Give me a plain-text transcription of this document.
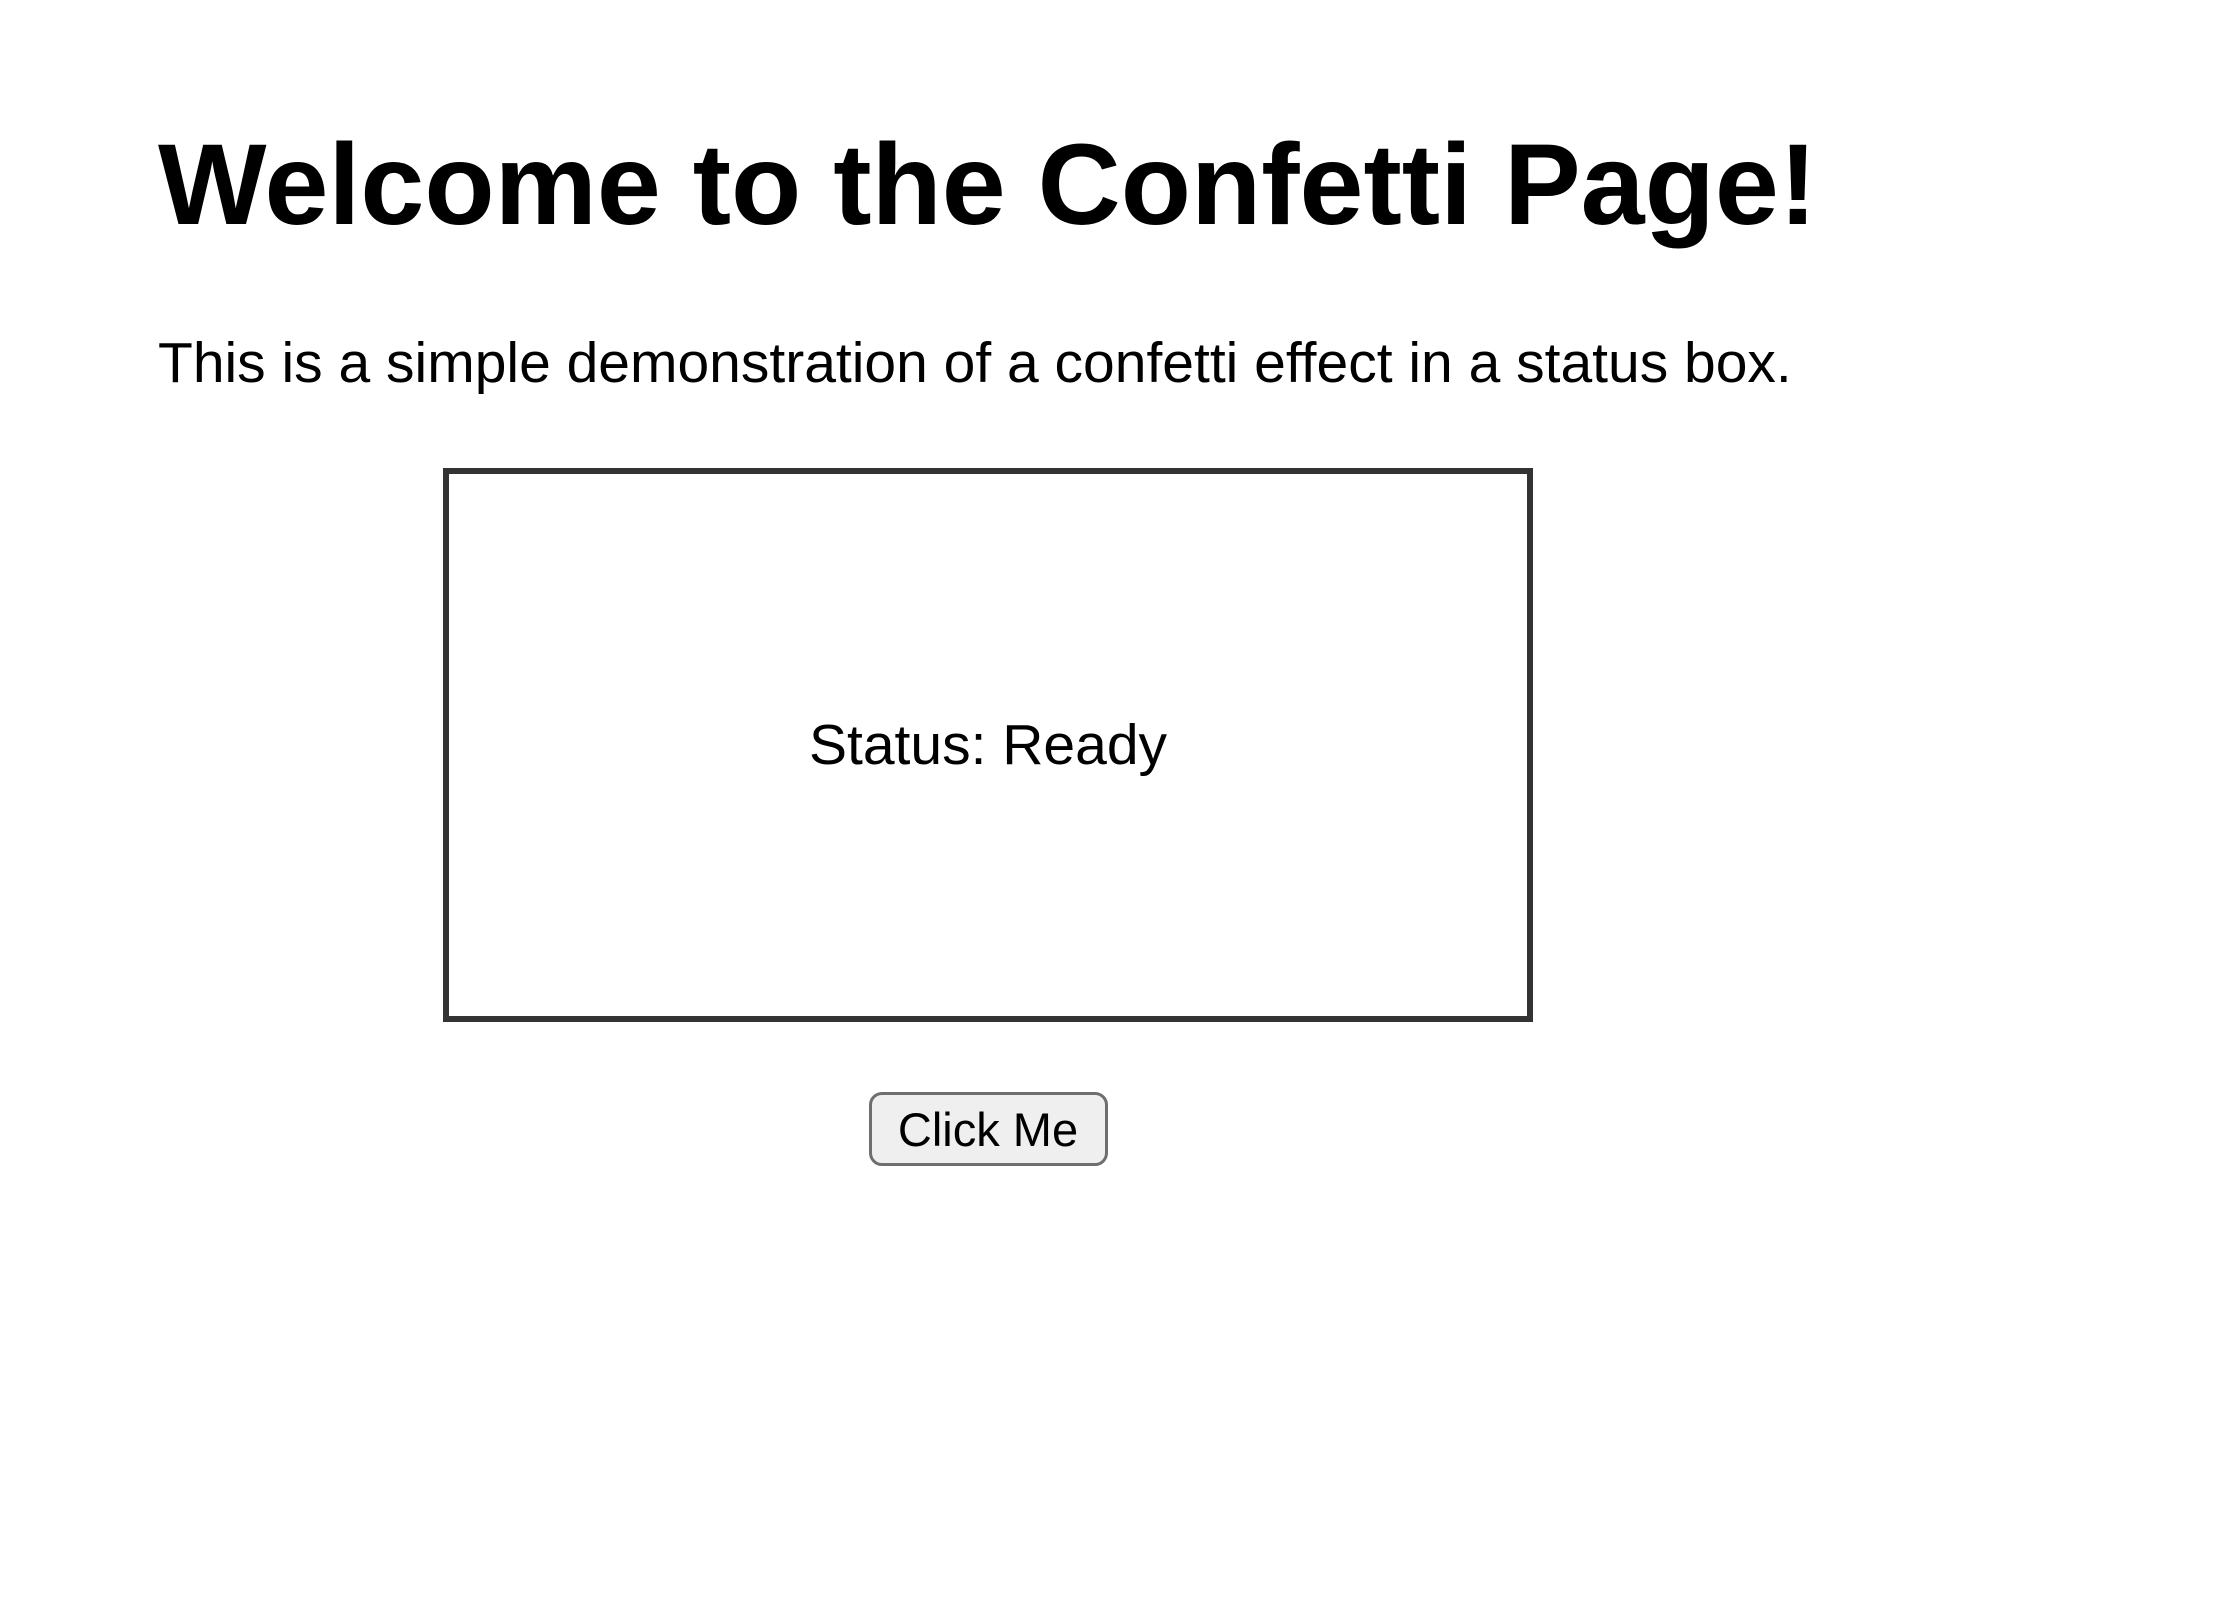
Welcome to the Confetti Page!

This is a simple demonstration of a confetti effect in a status box.

Status: Ready
Click Me
